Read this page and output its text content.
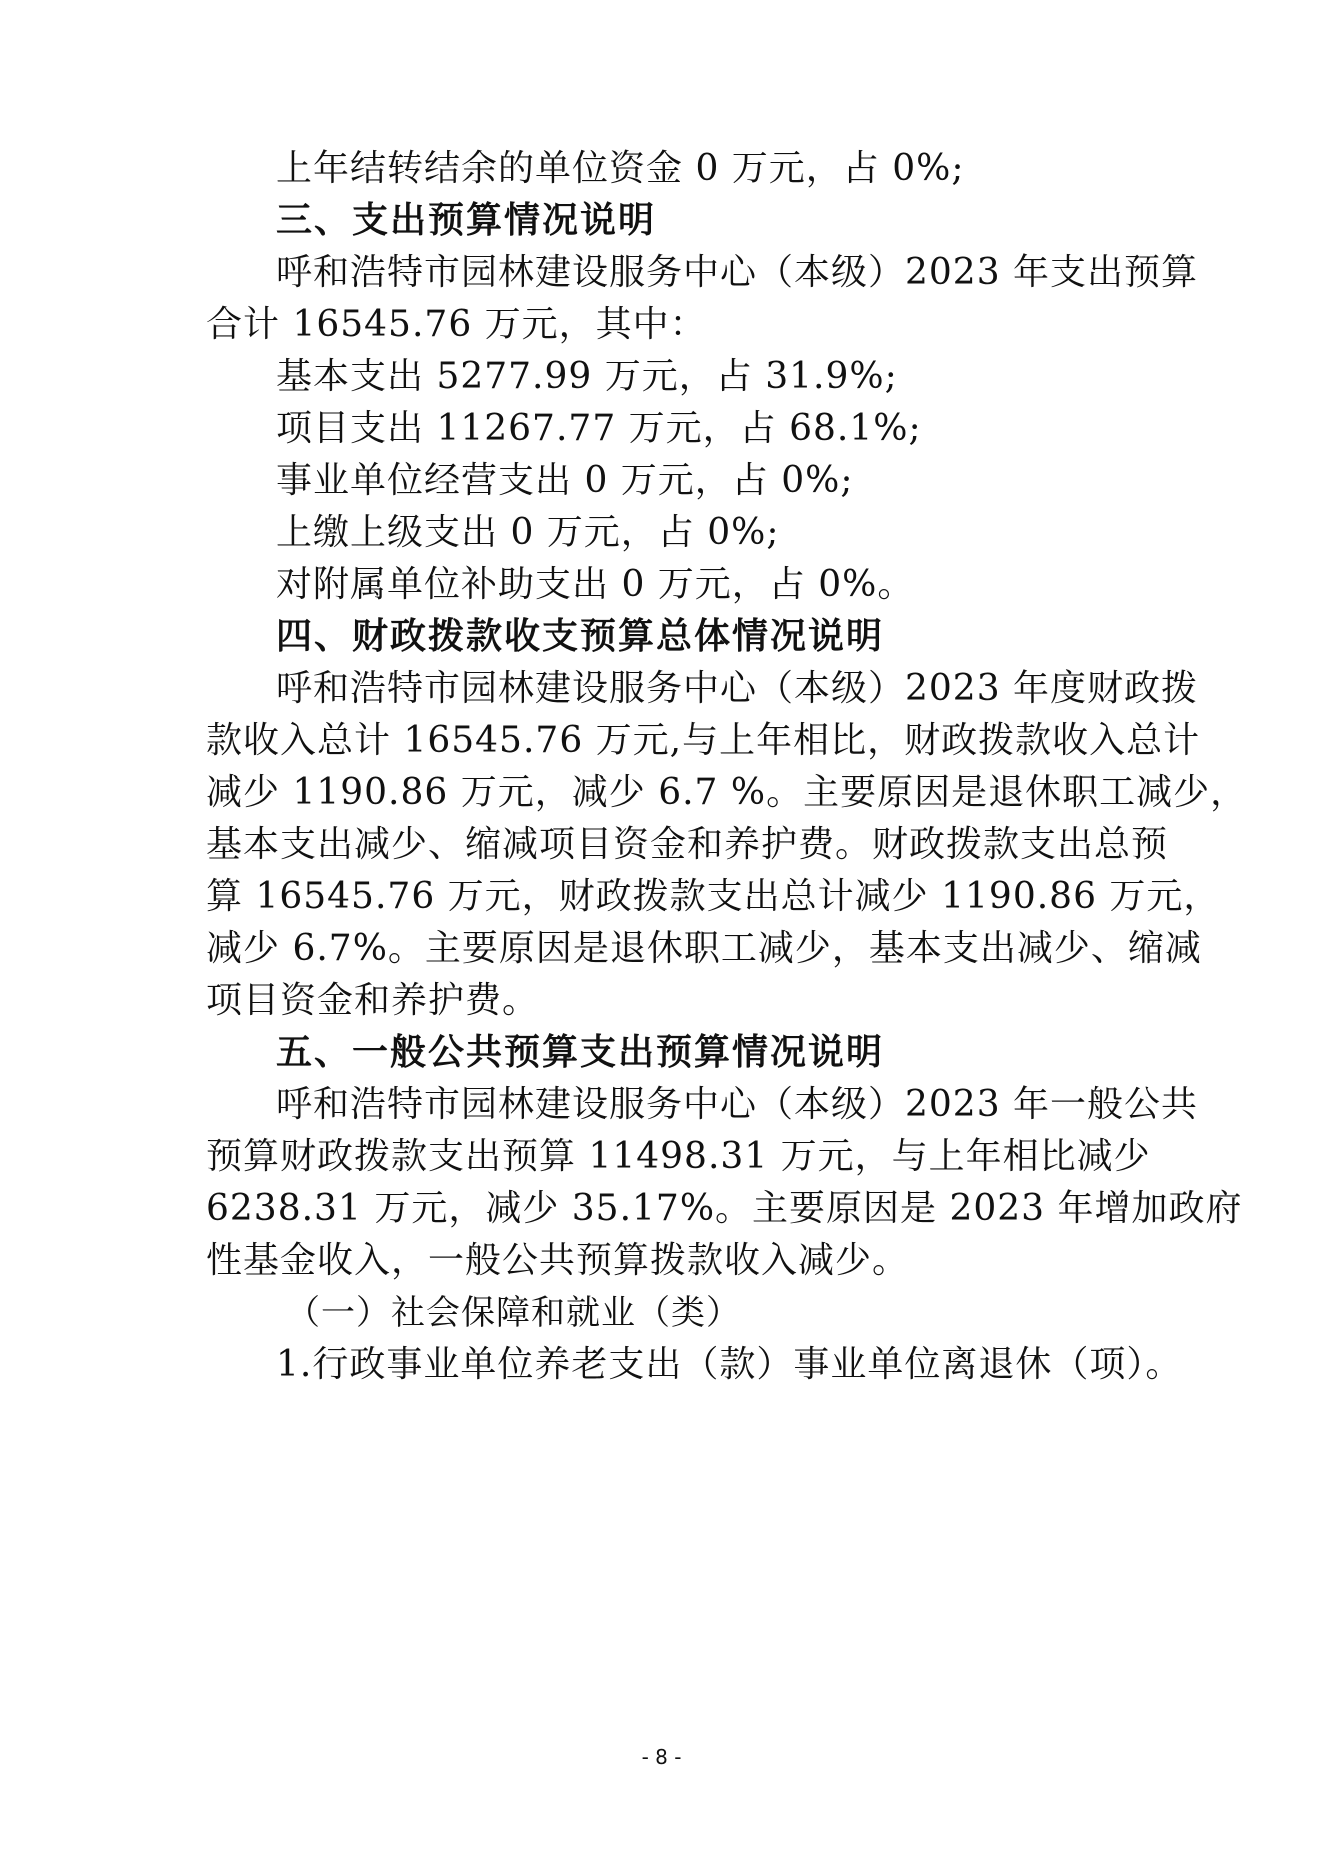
上年结转结余的单位资金 0 万元，占 0%;
三、支出预算情况说明
呼和浩特市园林建设服务中心（本级）2023 年支出预算
合计 16545.76 万元，其中：
基本支出 5277.99 万元，占 31.9%;
项目支出 11267.77 万元，占 68.1%;
事业单位经营支出 0 万元，占 0%;
上缴上级支出 0 万元，占 0%;
对附属单位补助支出 0 万元，占 0%。
四、财政拨款收支预算总体情况说明
呼和浩特市园林建设服务中心（本级）2023 年度财政拨
款收入总计 16545.76 万元,与上年相比，财政拨款收入总计
减少 1190.86 万元，减少 6.7 %。主要原因是退休职工减少，
基本支出减少、缩减项目资金和养护费。财政拨款支出总预
算 16545.76 万元，财政拨款支出总计减少 1190.86 万元，
减少 6.7%。主要原因是退休职工减少，基本支出减少、缩减
项目资金和养护费。
五、一般公共预算支出预算情况说明
呼和浩特市园林建设服务中心（本级）2023 年一般公共
预算财政拨款支出预算 11498.31 万元，与上年相比减少
6238.31 万元，减少 35.17%。主要原因是 2023 年增加政府
性基金收入，一般公共预算拨款收入减少。
（一）社会保障和就业（类）
1.行政事业单位养老支出（款）事业单位离退休（项）。
- 8 -
